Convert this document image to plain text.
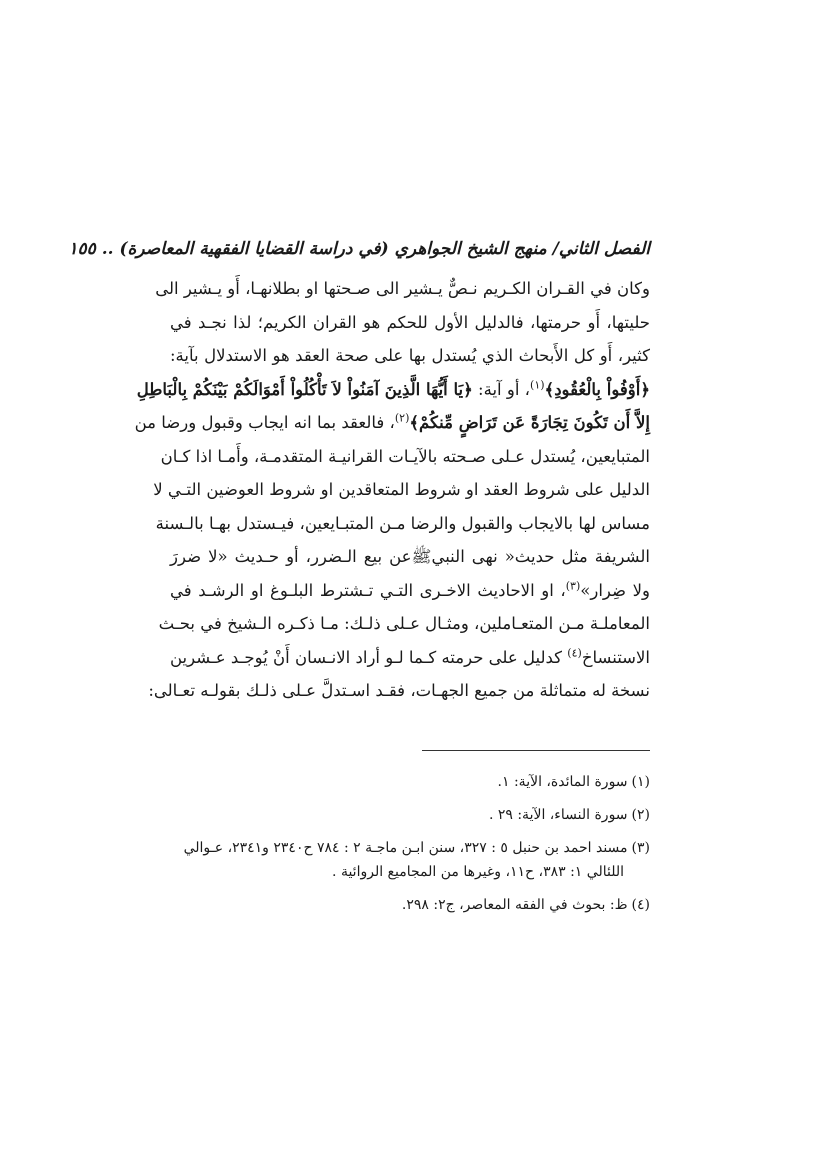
الفصل الثاني/ منهج الشيخ الجواهري (في دراسة القضايا الفقهية المعاصرة) .. ١٥٥
وكان في القـران الكـريم نـصٌّ يـشير الى صـحتها او بطلانهـا، أَو يـشير الى
حليتها، أَو حرمتها، فالدليل الأول للحكم هو القران الكريم؛ لذا نجـد في
كثير، أَو كل الأَبحاث الذي يُستدل بها على صحة العقد هو الاستدلال بآية:
﴿أَوْفُواْ بِالْعُقُودِ﴾$^{(١)}$، أو آية: ﴿يَا أَيُّهَا الَّذِينَ آمَنُواْ لاَ تَأْكُلُواْ أَمْوَالَكُمْ بَيْنَكُمْ بِالْبَاطِلِ
إِلاَّ أَن تَكُونَ تِجَارَةً عَن تَرَاضٍ مِّنكُمْ﴾$^{(٢)}$، فالعقد بما انه ايجاب وقبول ورضا من
المتبايعين، يُستدل عـلى صـحته بالآيـات القرانيـة المتقدمـة، وأَمـا اذا كـان
الدليل على شروط العقد او شروط المتعاقدين او شروط العوضين التـي لا
مساس لها بالايجاب والقبول والرضا مـن المتبـايعين، فيـستدل بهـا بالـسنة
الشريفة مثل حديث« نهى النبيﷺعن بيع الـضرر، أو حـديث «لا ضررَ
ولا ضِرار»$^{(٣)}$، او الاحاديث الاخـرى التـي تـشترط البلـوغ او الرشـد في
المعاملـة مـن المتعـاملين، ومثـال عـلى ذلـك: مـا ذكـره الـشيخ في بحـث
الاستنساخ$^{(٤)}$ كدليل على حرمته كـما لـو أراد الانـسان أَنْ يُوجـد عـشرين
نسخة له متماثلة من جميع الجهـات، فقـد اسـتدلَّ عـلى ذلـك بقولـه تعـالى:
(١)سورة المائدة، الآية: ١.
(٢)سورة النساء، الآية: ٢٩ .
(٣)مسند احمد بن حنبل ٥ : ٣٢٧، سنن ابـن ماجـة ٢ : ٧٨٤ ح٢٣٤٠ و٢٣٤١، عـوالي
اللئالي ١: ٣٨٣، ح١١، وغيرها من المجاميع الروائية .
(٤)ظ: بحوث في الفقه المعاصر، ج٢: ٢٩٨.
